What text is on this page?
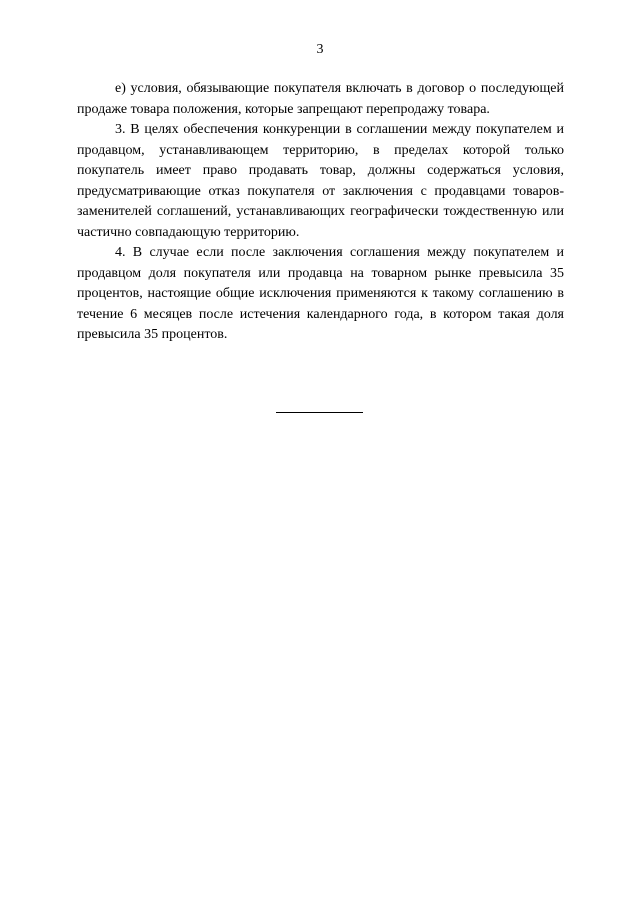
3

е) условия, обязывающие покупателя включать в договор о последующей продаже товара положения, которые запрещают перепродажу товара.

3. В целях обеспечения конкуренции в соглашении между покупателем и продавцом, устанавливающем территорию, в пределах которой только покупатель имеет право продавать товар, должны содержаться условия, предусматривающие отказ покупателя от заключения с продавцами товаров-заменителей соглашений, устанавливающих географически тождественную или частично совпадающую территорию.

4. В случае если после заключения соглашения между покупателем и продавцом доля покупателя или продавца на товарном рынке превысила 35 процентов, настоящие общие исключения применяются к такому соглашению в течение 6 месяцев после истечения календарного года, в котором такая доля превысила 35 процентов.
